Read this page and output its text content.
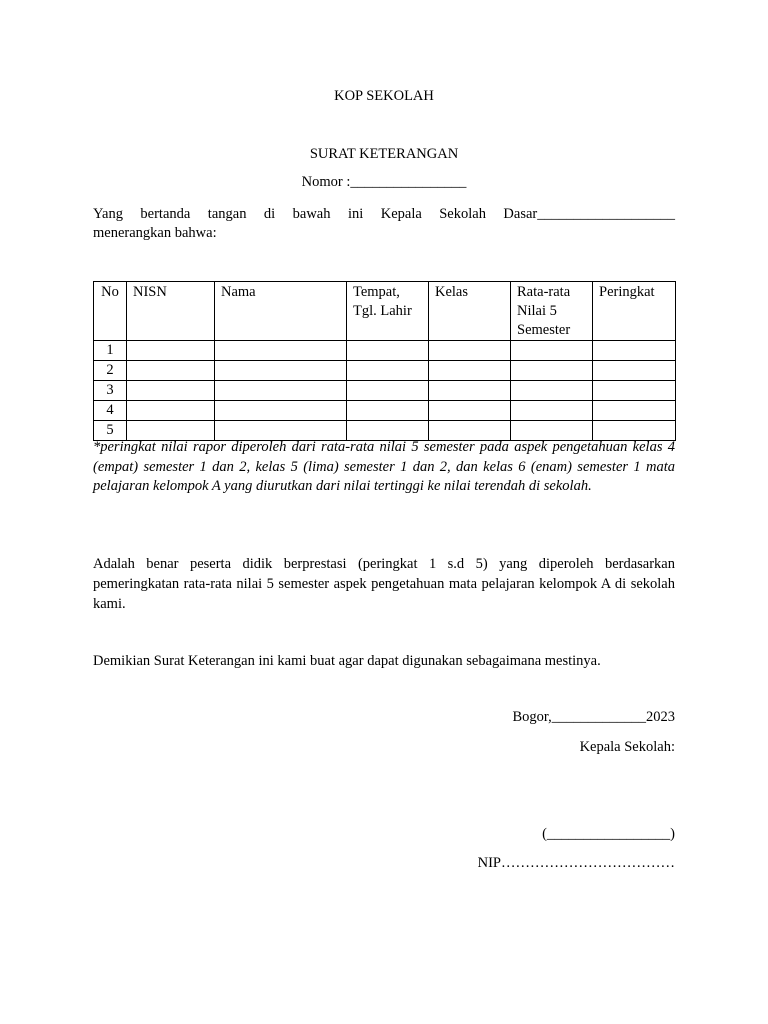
KOP SEKOLAH
SURAT KETERANGAN
Nomor :________________
Yang bertanda tangan di bawah ini Kepala Sekolah Dasar___________________
menerangkan bahwa:
No	NISN	Nama	Tempat, Tgl. Lahir	Kelas	Rata-rata Nilai 5 Semester	Peringkat
1						
2						
3						
4						
5						
*peringkat nilai rapor diperoleh dari rata-rata nilai 5 semester pada aspek pengetahuan kelas 4 (empat) semester 1 dan 2, kelas 5 (lima) semester 1 dan 2, dan kelas 6 (enam) semester 1 mata pelajaran kelompok A yang diurutkan dari nilai tertinggi ke nilai terendah di sekolah.
Adalah benar peserta didik berprestasi (peringkat 1 s.d 5) yang diperoleh berdasarkan pemeringkatan rata-rata nilai 5 semester aspek pengetahuan mata pelajaran kelompok A di sekolah kami.
Demikian Surat Keterangan ini kami buat agar dapat digunakan sebagaimana mestinya.
Bogor,_____________2023
Kepala Sekolah:
(_________________)
NIP………………………………
